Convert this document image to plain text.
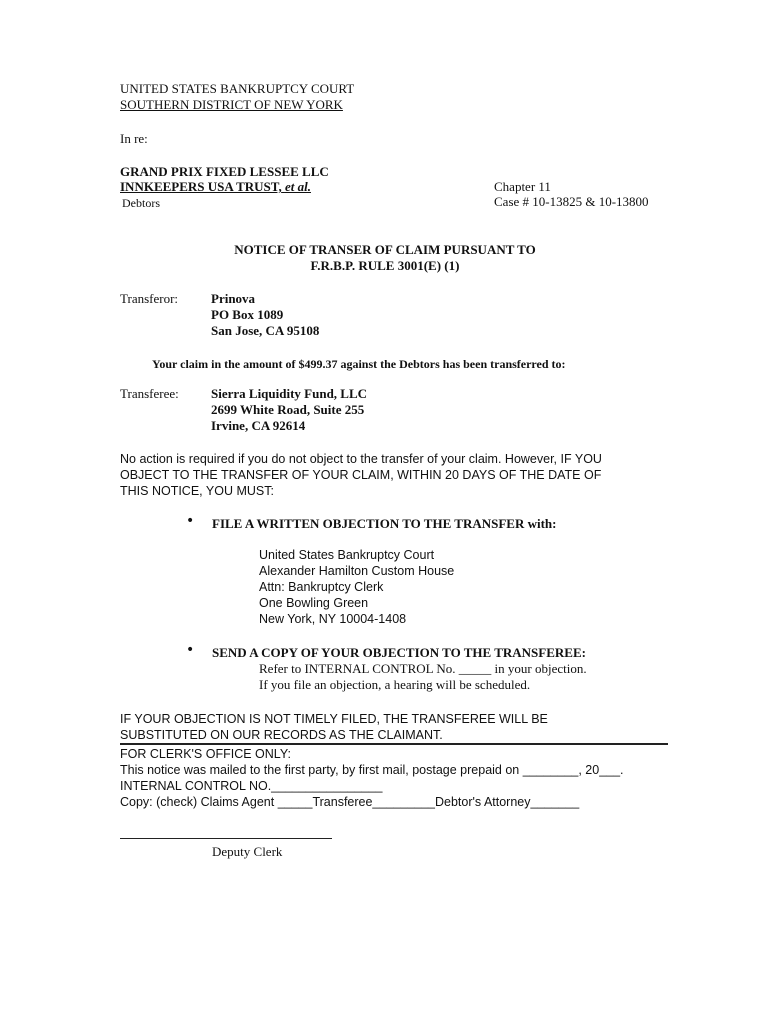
UNITED STATES BANKRUPTCY COURT
SOUTHERN DISTRICT OF NEW YORK
In re:
GRAND PRIX FIXED LESSEE LLC
INNKEEPERS USA TRUST, et al.
Debtors
Chapter 11
Case # 10-13825 & 10-13800
NOTICE OF TRANSER OF CLAIM PURSUANT TO
F.R.B.P. RULE 3001(E) (1)
Transferor:	Prinova
PO Box 1089
San Jose, CA 95108
Your claim in the amount of $499.37 against the Debtors has been transferred to:
Transferee: Sierra Liquidity Fund, LLC
2699 White Road, Suite 255
Irvine, CA 92614
No action is required if you do not object to the transfer of your claim. However, IF YOU
OBJECT TO THE TRANSFER OF YOUR CLAIM, WITHIN 20 DAYS OF THE DATE OF
THIS NOTICE, YOU MUST:
• FILE A WRITTEN OBJECTION TO THE TRANSFER with:
United States Bankruptcy Court
Alexander Hamilton Custom House
Attn: Bankruptcy Clerk
One Bowling Green
New York, NY 10004-1408
• SEND A COPY OF YOUR OBJECTION TO THE TRANSFEREE:
Refer to INTERNAL CONTROL No. _____ in your objection.
If you file an objection, a hearing will be scheduled.
IF YOUR OBJECTION IS NOT TIMELY FILED, THE TRANSFEREE WILL BE
SUBSTITUTED ON OUR RECORDS AS THE CLAIMANT.
FOR CLERK'S OFFICE ONLY:
This notice was mailed to the first party, by first mail, postage prepaid on ________, 20___.
INTERNAL CONTROL NO.________________
Copy: (check) Claims Agent _____Transferee_________Debtor's Attorney_______
Deputy Clerk
